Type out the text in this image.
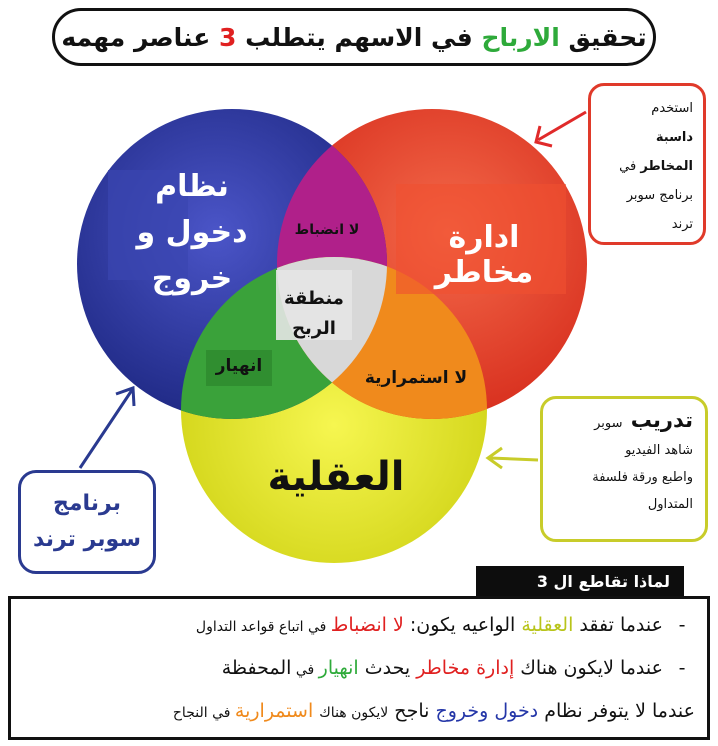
تحقيق الارباح في الاسهم يتطلب 3 عناصر مهمه
نظام
دخول و
خروج
ادارة مخاطر
العقلية
لا انضباط
انهيار
لا استمرارية
منطقة
الربح
استخدم
داسبة
المخاطر في
برنامج سوبر
ترند
تدريب  سوبر
شاهد الفيديو
واطبع ورقة فلسفة
المتداول
برنامج
سوبر ترند
لماذا تقاطع ال 3
- عندما تفقد العقلية الواعيه يكون: لا انضباط في اتباع قواعد التداول
- عندما لايكون هناك إدارة مخاطر يحدث انهيار في المحفظة
عندما لا يتوفر نظام دخول وخروج ناجح لايكون هناك استمرارية في النجاح
